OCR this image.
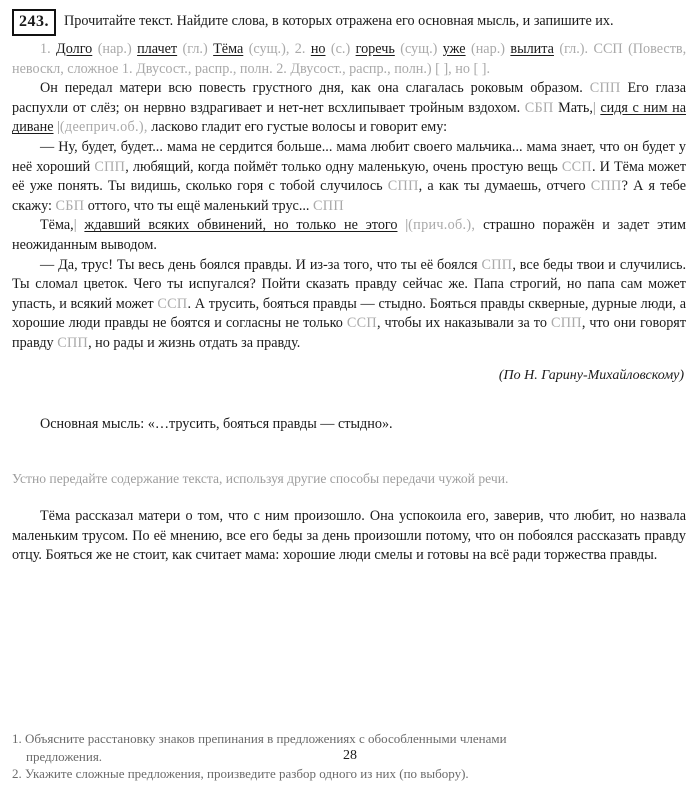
243.	Прочитайте текст. Найдите слова, в которых отражена его основная мысль, и запишите их.

1. Долго (нар.) плачет (гл.) Тёма (сущ.), 2. но (с.) горечь (сущ.) уже (нар.) вылита (гл.). ССП (Повеств, невоскл, сложное 1. Двусост., распр., полн. 2. Двусост., распр., полн.) [ ], но [ ].

Он передал матери всю повесть грустного дня, как она слагалась роковым образом. СПП Его глаза распухли от слёз; он нервно вздрагивает и нет-нет всхлипывает тройным вздохом. СБП Мать,| сидя с ним на диване |(дееприч.об.), ласково гладит его густые волосы и говорит ему:

— Ну, будет, будет... мама не сердится больше... мама любит своего мальчика... мама знает, что он будет у неё хороший СПП, любящий, когда поймёт только одну маленькую, очень простую вещь ССП. И Тёма может её уже понять. Ты видишь, сколько горя с тобой случилось СПП, а как ты думаешь, отчего СПП? А я тебе скажу: СБП оттого, что ты ещё маленький трус... СПП

Тёма,| ждавший всяких обвинений, но только не этого |(прич.об.), страшно поражён и задет этим неожиданным выводом.

— Да, трус! Ты весь день боялся правды. И из-за того, что ты её боялся СПП, все беды твои и случились. Ты сломал цветок. Чего ты испугался? Пойти сказать правду сейчас же. Папа строгий, но папа сам может упасть, и всякий может ССП. А трусить, бояться правды — стыдно. Бояться правды скверные, дурные люди, а хорошие люди правды не боятся и согласны не только ССП, чтобы их наказывали за то СПП, что они говорят правду СПП, но рады и жизнь отдать за правду.

(По Н. Гарину-Михайловскому)

Основная мысль: «…трусить, бояться правды — стыдно».

Устно передайте содержание текста, используя другие способы передачи чужой речи.

Тёма рассказал матери о том, что с ним произошло. Она успокоила его, заверив, что любит, но назвала маленьким трусом. По её мнению, все его беды за день произошли потому, что он побоялся рассказать правду отцу. Бояться же не стоит, как считает мама: хорошие люди смелы и готовы на всё ради торжества правды.

1. Объясните расстановку знаков препинания в предложениях с обособленными членами
предложения.

2. Укажите сложные предложения, произведите разбор одного из них (по выбору).

28
